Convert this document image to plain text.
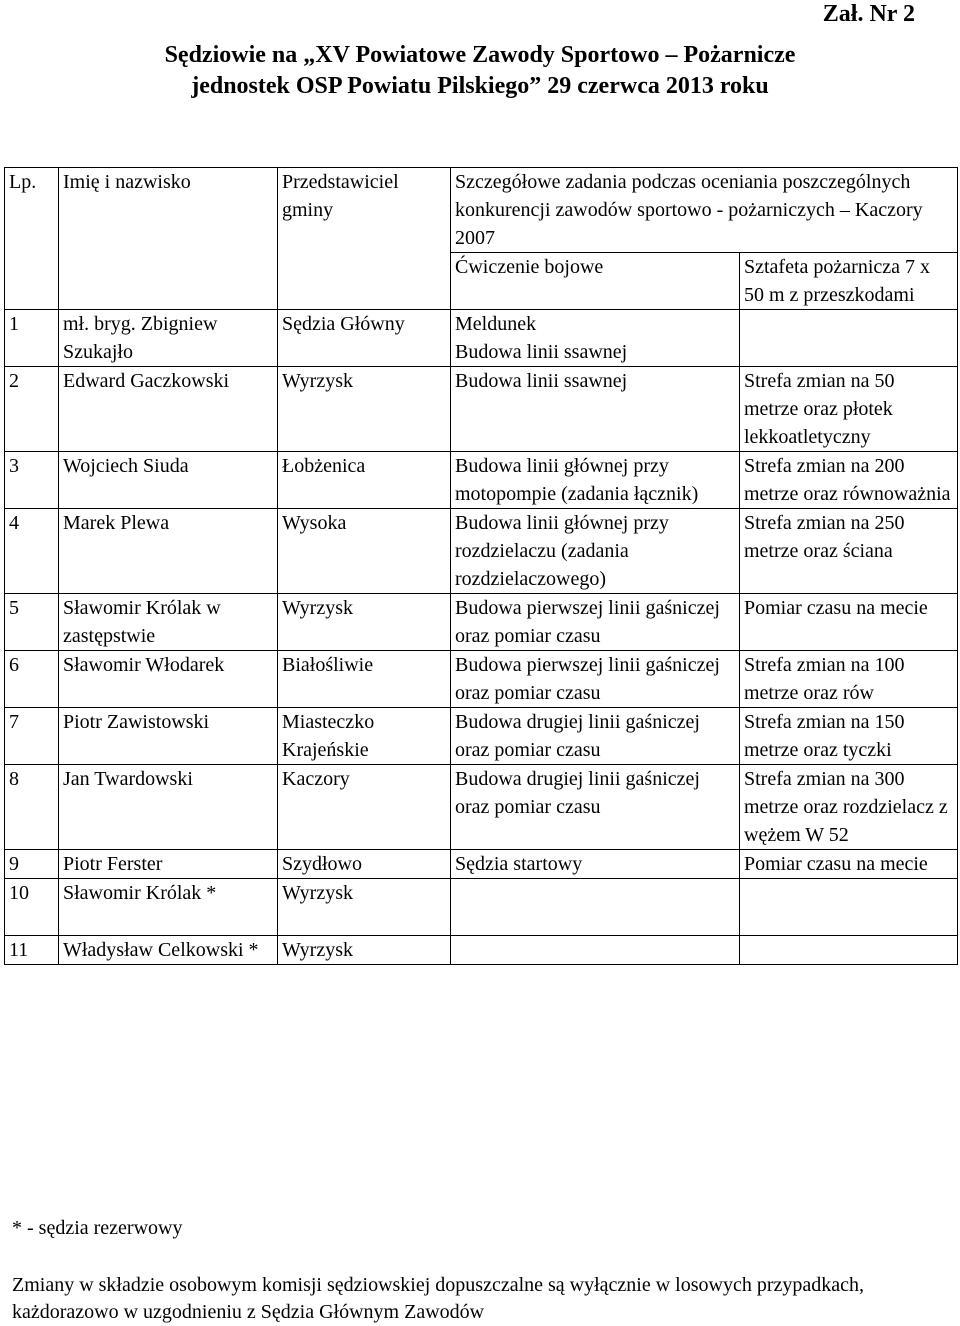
Zał. Nr 2
Sędziowie na „XV Powiatowe Zawody Sportowo – Pożarnicze
jednostek OSP Powiatu Pilskiego” 29 czerwca 2013 roku
Lp.	Imię i nazwisko	Przedstawiciel gminy	Szczegółowe zadania podczas oceniania poszczególnych konkurencji zawodów sportowo - pożarniczych – Kaczory 2007	
			Ćwiczenie bojowe	Sztafeta pożarnicza 7 x 50 m z przeszkodami
1	mł. bryg. Zbigniew Szukajło	Sędzia Główny	Meldunek
Budowa linii ssawnej	

2	Edward Gaczkowski	Wyrzysk	Budowa linii ssawnej	Strefa zmian na 50 metrze oraz płotek lekkoatletyczny
3	Wojciech Siuda	Łobżenica	Budowa linii głównej przy motopompie (zadania łącznik)	Strefa zmian na 200 metrze oraz równoważnia
4	Marek Plewa	Wysoka	Budowa linii głównej przy rozdzielaczu (zadania rozdzielaczowego)	Strefa zmian na 250 metrze oraz ściana
5	Sławomir Królak w zastępstwie	Wyrzysk	Budowa pierwszej linii gaśniczej oraz pomiar czasu	Pomiar czasu na mecie
6	Sławomir Włodarek	Białośliwie	Budowa pierwszej linii gaśniczej oraz pomiar czasu	Strefa zmian na 100 metrze oraz rów
7	Piotr Zawistowski	Miasteczko Krajeńskie	Budowa drugiej linii gaśniczej oraz pomiar czasu	Strefa zmian na 150 metrze oraz tyczki
8	Jan Twardowski	Kaczory	Budowa drugiej linii gaśniczej oraz pomiar czasu	Strefa zmian na 300 metrze oraz rozdzielacz z wężem W 52
9	Piotr Ferster	Szydłowo	Sędzia startowy	Pomiar czasu na mecie
10	Sławomir Królak *	Wyrzysk		
11	Władysław Celkowski *	Wyrzysk		
* - sędzia rezerwowy
Zmiany w składzie osobowym komisji sędziowskiej dopuszczalne są wyłącznie w losowych przypadkach, każdorazowo w uzgodnieniu z Sędzia Głównym Zawodów
